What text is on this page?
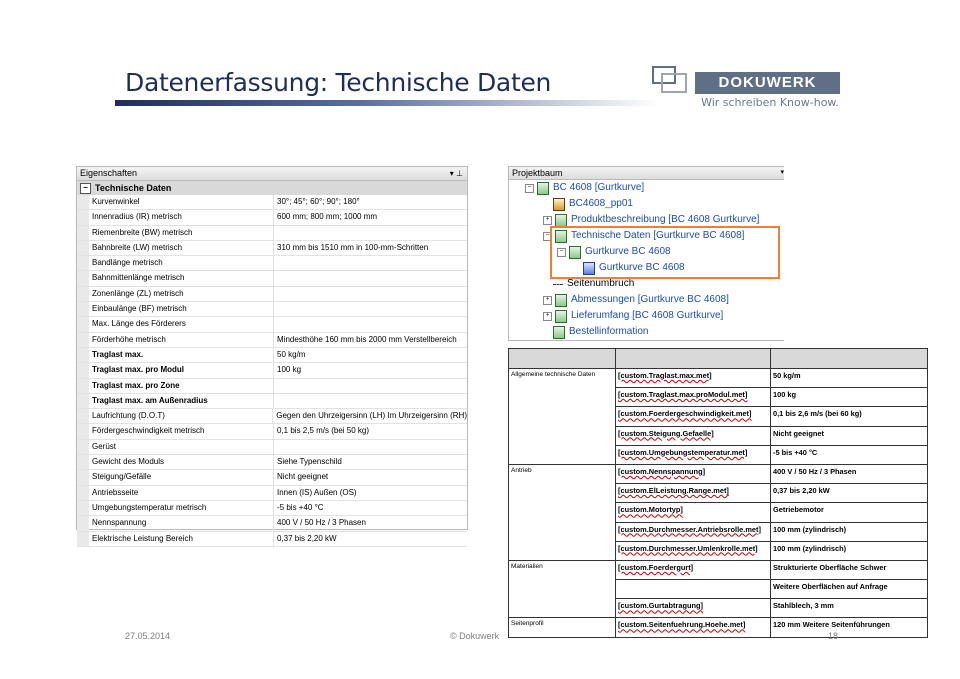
Datenerfassung: Technische Daten	DOKUWERK
Wir schreiben Know-how.
Eigenschaften	▾ ⊥
− Technische Daten
Kurvenwinkel	30°; 45°; 60°; 90°; 180°
Innenradius (IR) metrisch	600 mm; 800 mm; 1000 mm
Riemenbreite (BW) metrisch
Bahnbreite (LW) metrisch	310 mm bis 1510 mm in 100-mm-Schritten
Bandlänge metrisch
Bahnmittenlänge metrisch
Zonenlänge (ZL) metrisch
Einbaulänge (BF) metrisch
Max. Länge des Förderers
Förderhöhe metrisch	Mindesthöhe 160 mm bis 2000 mm Verstellbereich
Traglast max.	50 kg/m
Traglast max. pro Modul	100 kg
Traglast max. pro Zone
Traglast max. am Außenradius
Laufrichtung (D.O.T)	Gegen den Uhrzeigersinn (LH) Im Uhrzeigersinn (RH)
Fördergeschwindigkeit metrisch	0,1 bis 2,5 m/s (bei 50 kg)
Gerüst
Gewicht des Moduls	Siehe Typenschild
Steigung/Gefälle	Nicht geeignet
Antriebsseite	Innen (IS) Außen (OS)
Umgebungstemperatur metrisch	-5 bis +40 °C
Nennspannung	400 V / 50 Hz / 3 Phasen
Elektrische Leistung Bereich	0,37 bis 2,20 kW
Projektbaum	▾
− BC 4608 [Gurtkurve]
BC4608_pp01
+ Produktbeschreibung [BC 4608 Gurtkurve]
− Technische Daten [Gurtkurve BC 4608]
− Gurtkurve BC 4608
Gurtkurve BC 4608
Seitenumbruch
+ Abmessungen [Gurtkurve BC 4608]
+ Lieferumfang [BC 4608 Gurtkurve]
Bestellinformation

Allgemeine technische Daten	[custom.Traglast.max.met]	50 kg/m
	[custom.Traglast.max.proModul.met]	100 kg
	[custom.Foerdergeschwindigkeit.met]	0,1 bis 2,6 m/s (bei 60 kg)
	[custom.Steigung.Gefaelle]	Nicht geeignet
	[custom.Umgebungstemperatur.met]	-5 bis +40 °C
Antrieb	[custom.Nennspannung]	400 V / 50 Hz / 3 Phasen
	[custom.ElLeistung.Range.met]	0,37 bis 2,20 kW
	[custom.Motortyp]	Getriebemotor
	[custom.Durchmesser.Antriebsrolle.met]	100 mm (zylindrisch)
	[custom.Durchmesser.Umlenkrolle.met]	100 mm (zylindrisch)
Materialien	[custom.Foerdergurt]	Strukturierte Oberfläche Schwer
		Weitere Oberflächen auf Anfrage
	[custom.Gurtabtragung]	Stahlblech, 3 mm
Seitenprofil	[custom.Seitenfuehrung.Hoehe.met]	120 mm Weitere Seitenführungen
27.05.2014	© Dokuwerk	18
